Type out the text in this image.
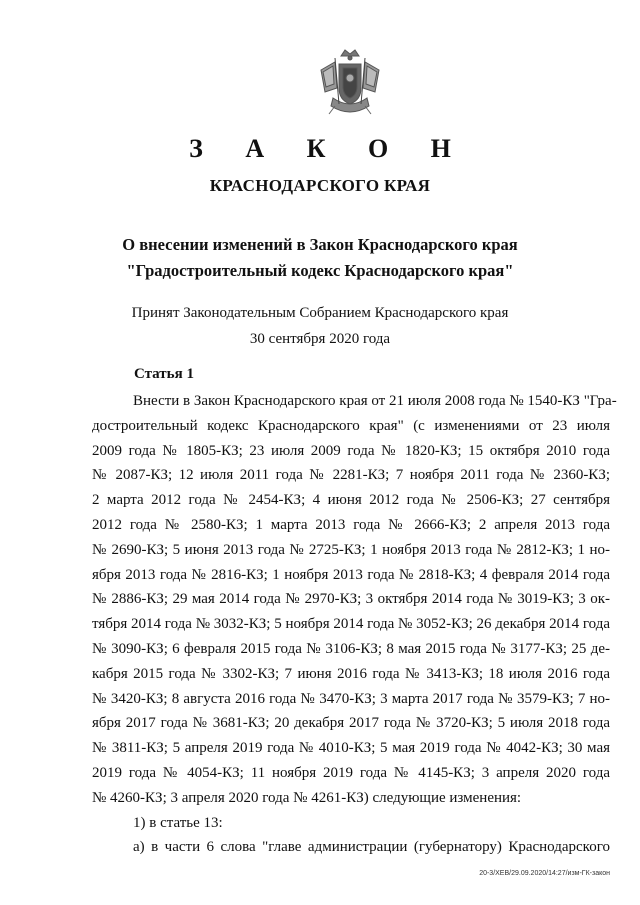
З А К О Н
КРАСНОДАРСКОГО КРАЯ
О внесении изменений в Закон Краснодарского края
"Градостроительный кодекс Краснодарского края"
Принят Законодательным Собранием Краснодарского края
30 сентября 2020 года
Статья 1
Внести в Закон Краснодарского края от 21 июля 2008 года № 1540-КЗ "Гра-
достроительный кодекс Краснодарского края" (с изменениями от 23 июля
2009 года № 1805-КЗ; 23 июля 2009 года № 1820-КЗ; 15 октября 2010 года
№ 2087-КЗ; 12 июля 2011 года № 2281-КЗ; 7 ноября 2011 года № 2360-КЗ;
2 марта 2012 года № 2454-КЗ; 4 июня 2012 года № 2506-КЗ; 27 сентября
2012 года № 2580-КЗ; 1 марта 2013 года № 2666-КЗ; 2 апреля 2013 года
№ 2690-КЗ; 5 июня 2013 года № 2725-КЗ; 1 ноября 2013 года № 2812-КЗ; 1 но-
ября 2013 года № 2816-КЗ; 1 ноября 2013 года № 2818-КЗ; 4 февраля 2014 года
№ 2886-КЗ; 29 мая 2014 года № 2970-КЗ; 3 октября 2014 года № 3019-КЗ; 3 ок-
тября 2014 года № 3032-КЗ; 5 ноября 2014 года № 3052-КЗ; 26 декабря 2014 года
№ 3090-КЗ; 6 февраля 2015 года № 3106-КЗ; 8 мая 2015 года № 3177-КЗ; 25 де-
кабря 2015 года № 3302-КЗ; 7 июня 2016 года № 3413-КЗ; 18 июля 2016 года
№ 3420-КЗ; 8 августа 2016 года № 3470-КЗ; 3 марта 2017 года № 3579-КЗ; 7 но-
ября 2017 года № 3681-КЗ; 20 декабря 2017 года № 3720-КЗ; 5 июля 2018 года
№ 3811-КЗ; 5 апреля 2019 года № 4010-КЗ; 5 мая 2019 года № 4042-КЗ; 30 мая
2019 года № 4054-КЗ; 11 ноября 2019 года № 4145-КЗ; 3 апреля 2020 года
№ 4260-КЗ; 3 апреля 2020 года № 4261-КЗ) следующие изменения:
1) в статье 13:
а) в части 6 слова "главе администрации (губернатору) Краснодарского
20-3/ХЕВ/29.09.2020/14:27/изм-ГК-закон
